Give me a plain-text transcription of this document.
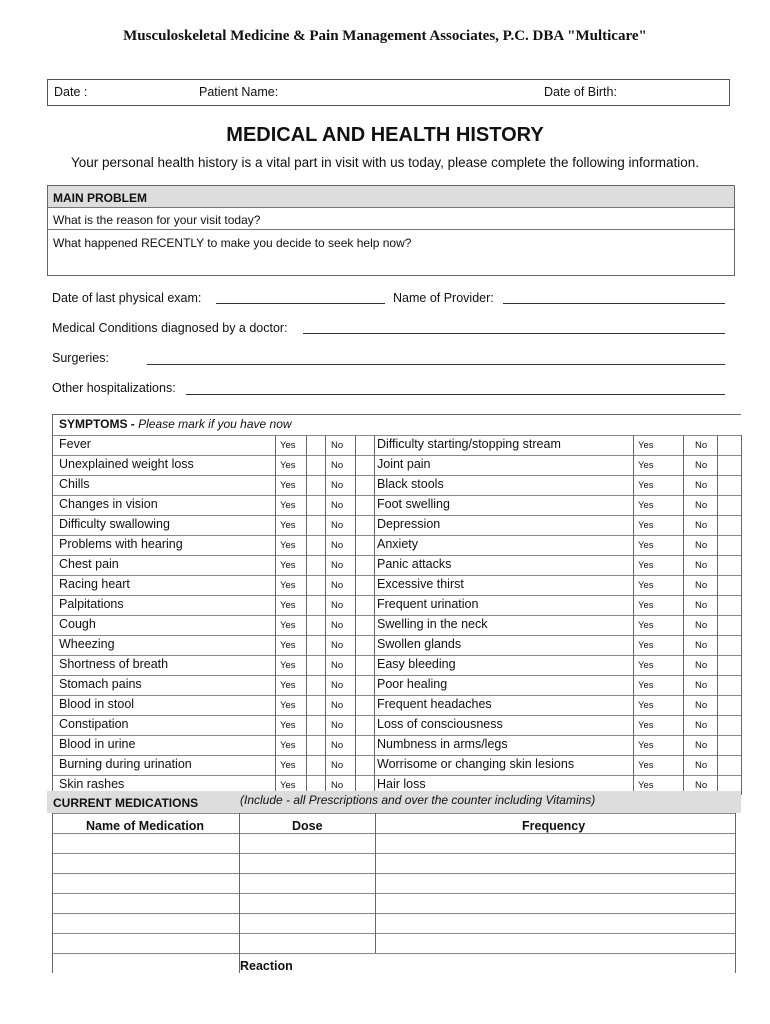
Musculoskeletal Medicine & Pain Management Associates, P.C. DBA "Multicare"
Date :	Patient Name:	Date of Birth:
MEDICAL AND HEALTH HISTORY
Your personal health history is a vital part in visit with us today, please complete the following information.
MAIN PROBLEM
What is the reason for your visit today?
What happened RECENTLY to make you decide to seek help now?
Date of last physical exam:	Name of Provider:
Medical Conditions diagnosed by a doctor:
Surgeries:
Other hospitalizations:
SYMPTOMS - Please mark if you have now
Fever	Yes	No	Difficulty starting/stopping stream	Yes	No
Unexplained weight loss	Yes	No	Joint pain	Yes	No
Chills	Yes	No	Black stools	Yes	No
Changes in vision	Yes	No	Foot swelling	Yes	No
Difficulty swallowing	Yes	No	Depression	Yes	No
Problems with hearing	Yes	No	Anxiety	Yes	No
Chest pain	Yes	No	Panic attacks	Yes	No
Racing heart	Yes	No	Excessive thirst	Yes	No
Palpitations	Yes	No	Frequent urination	Yes	No
Cough	Yes	No	Swelling in the neck	Yes	No
Wheezing	Yes	No	Swollen glands	Yes	No
Shortness of breath	Yes	No	Easy bleeding	Yes	No
Stomach pains	Yes	No	Poor healing	Yes	No
Blood in stool	Yes	No	Frequent headaches	Yes	No
Constipation	Yes	No	Loss of consciousness	Yes	No
Blood in urine	Yes	No	Numbness in arms/legs	Yes	No
Burning during urination	Yes	No	Worrisome or changing skin lesions	Yes	No
Skin rashes	Yes	No	Hair loss	Yes	No
CURRENT MEDICATIONS	(Include - all Prescriptions and over the counter including Vitamins)
Name of Medication	Dose	Frequency
Reaction
